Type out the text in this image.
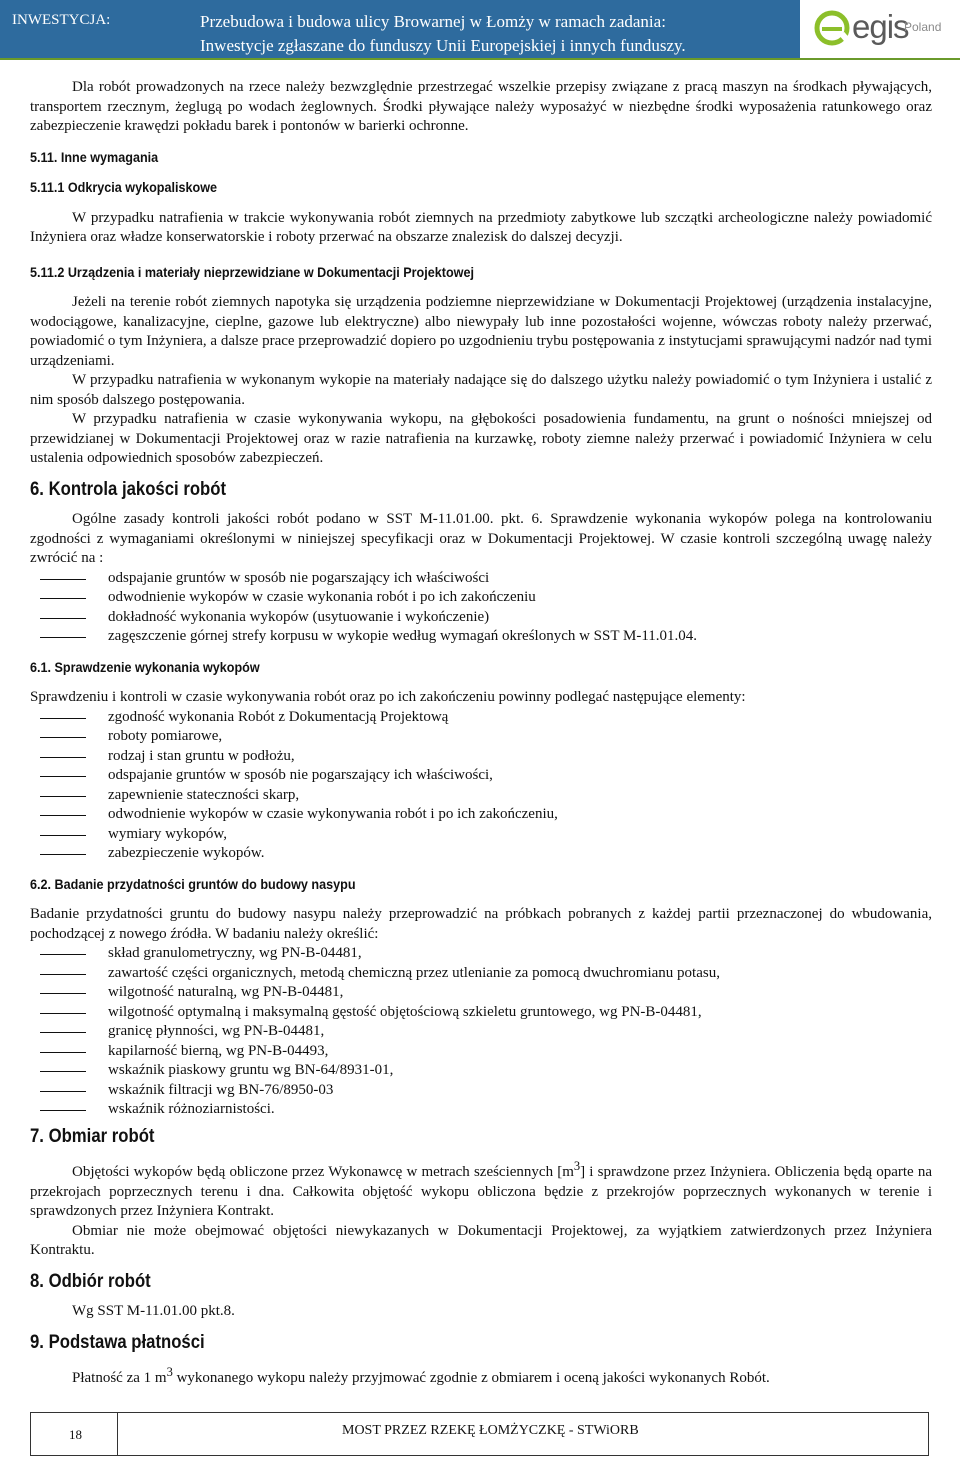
INWESTYCJA:	Przebudowa i budowa ulicy Browarnej w Łomży w ramach zadania:
Inwestycje zgłaszane do funduszy Unii Europejskiej i innych funduszy.
egis
Poland

Dla robót prowadzonych na rzece należy bezwzględnie przestrzegać wszelkie przepisy związane z pracą maszyn na środkach pływających, transportem rzecznym, żeglugą po wodach żeglownych. Środki pływające należy wyposażyć w niezbędne środki wyposażenia ratunkowego oraz zabezpieczenie krawędzi pokładu barek i pontonów w barierki ochronne.

5.11. Inne wymagania
5.11.1 Odkrycia wykopaliskowe

W przypadku natrafienia w trakcie wykonywania robót ziemnych na przedmioty zabytkowe lub szczątki archeologiczne należy powiadomić Inżyniera oraz władze konserwatorskie i roboty przerwać na obszarze znalezisk do dalszej decyzji.

5.11.2 Urządzenia i materiały nieprzewidziane w Dokumentacji Projektowej

Jeżeli na terenie robót ziemnych napotyka się urządzenia podziemne nieprzewidziane w Dokumentacji Projektowej (urządzenia instalacyjne, wodociągowe, kanalizacyjne, cieplne, gazowe lub elektryczne) albo niewypały lub inne pozostałości wojenne, wówczas roboty należy przerwać, powiadomić o tym Inżyniera, a dalsze prace przeprowadzić dopiero po uzgodnieniu trybu postępowania z instytucjami sprawującymi nadzór nad tymi urządzeniami.

W przypadku natrafienia w wykonanym wykopie na materiały nadające się do dalszego użytku należy powiadomić o tym Inżyniera i ustalić z nim sposób dalszego postępowania.

W przypadku natrafienia w czasie wykonywania wykopu, na głębokości posadowienia fundamentu, na grunt o nośności mniejszej od przewidzianej w Dokumentacji Projektowej oraz w razie natrafienia na kurzawkę, roboty ziemne należy przerwać i powiadomić Inżyniera w celu ustalenia odpowiednich sposobów zabezpieczeń.

6. Kontrola jakości robót

Ogólne zasady kontroli jakości robót podano w SST M-11.01.00. pkt. 6. Sprawdzenie wykonania wykopów polega na kontrolowaniu zgodności z wymaganiami określonymi w niniejszej specyfikacji oraz w Dokumentacji Projektowej. W czasie kontroli szczególną uwagę należy zwrócić na :

odspajanie gruntów w sposób nie pogarszający ich właściwości
odwodnienie wykopów w czasie wykonania robót i po ich zakończeniu
dokładność wykonania wykopów (usytuowanie i wykończenie)
zagęszczenie górnej strefy korpusu w wykopie według wymagań określonych w SST M-11.01.04.
6.1. Sprawdzenie wykonania wykopów

Sprawdzeniu i kontroli w czasie wykonywania robót oraz po ich zakończeniu powinny podlegać następujące elementy:

zgodność wykonania Robót z Dokumentacją Projektową
roboty pomiarowe,
rodzaj i stan gruntu w podłożu,
odspajanie gruntów w sposób nie pogarszający ich właściwości,
zapewnienie stateczności skarp,
odwodnienie wykopów w czasie wykonywania robót i po ich zakończeniu,
wymiary wykopów,
zabezpieczenie wykopów.
6.2. Badanie przydatności gruntów do budowy nasypu

Badanie przydatności gruntu do budowy nasypu należy przeprowadzić na próbkach pobranych z każdej partii przeznaczonej do wbudowania, pochodzącej z nowego źródła. W badaniu należy określić:

skład granulometryczny, wg PN-B-04481,
zawartość części organicznych, metodą chemiczną przez utlenianie za pomocą dwuchromianu potasu,
wilgotność naturalną, wg PN-B-04481,
wilgotność optymalną i maksymalną gęstość objętościową szkieletu gruntowego, wg PN-B-04481,
granicę płynności, wg PN-B-04481,
kapilarność bierną, wg PN-B-04493,
wskaźnik piaskowy gruntu wg BN-64/8931-01,
wskaźnik filtracji wg BN-76/8950-03
wskaźnik różnoziarnistości.
7. Obmiar robót

Objętości wykopów będą obliczone przez Wykonawcę w metrach sześciennych $[m^3]$ i sprawdzone przez Inżyniera. Obliczenia będą oparte na przekrojach poprzecznych terenu i dna. Całkowita objętość wykopu obliczona będzie z przekrojów poprzecznych wykonanych w terenie i sprawdzonych przez Inżyniera Kontrakt.

Obmiar nie może obejmować objętości niewykazanych w Dokumentacji Projektowej, za wyjątkiem zatwierdzonych przez Inżyniera Kontraktu.

8. Odbiór robót

Wg SST M-11.01.00 pkt.8.

9. Podstawa płatności

Płatność za 1 $m^3$ wykonanego wykopu należy przyjmować zgodnie z obmiarem i oceną jakości wykonanych Robót.

18	MOST PRZEZ RZEKĘ ŁOMŻYCZKĘ - STWiORB
